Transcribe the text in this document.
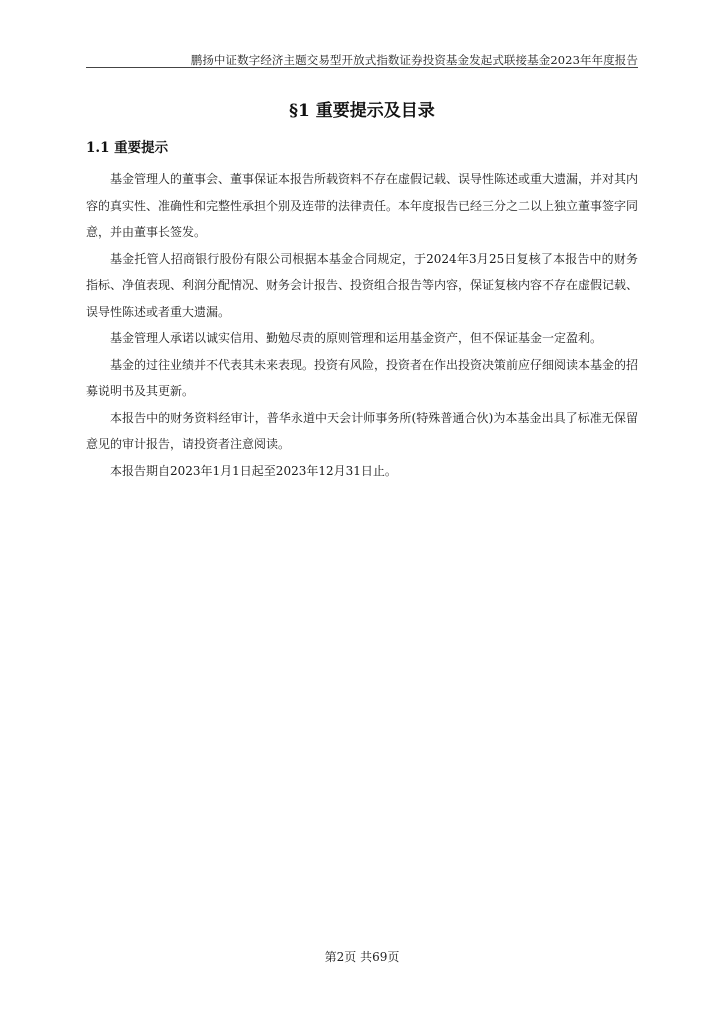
鹏扬中证数字经济主题交易型开放式指数证券投资基金发起式联接基金2023年年度报告
§1 重要提示及目录
1.1 重要提示

基金管理人的董事会、董事保证本报告所载资料不存在虚假记载、误导性陈述或重大遗漏，并对其内容的真实性、准确性和完整性承担个别及连带的法律责任。本年度报告已经三分之二以上独立董事签字同意，并由董事长签发。

基金托管人招商银行股份有限公司根据本基金合同规定，于2024年3月25日复核了本报告中的财务指标、净值表现、利润分配情况、财务会计报告、投资组合报告等内容，保证复核内容不存在虚假记载、误导性陈述或者重大遗漏。

基金管理人承诺以诚实信用、勤勉尽责的原则管理和运用基金资产，但不保证基金一定盈利。

基金的过往业绩并不代表其未来表现。投资有风险，投资者在作出投资决策前应仔细阅读本基金的招募说明书及其更新。

本报告中的财务资料经审计，普华永道中天会计师事务所(特殊普通合伙)为本基金出具了标准无保留意见的审计报告，请投资者注意阅读。

本报告期自2023年1月1日起至2023年12月31日止。

第2页 共69页
